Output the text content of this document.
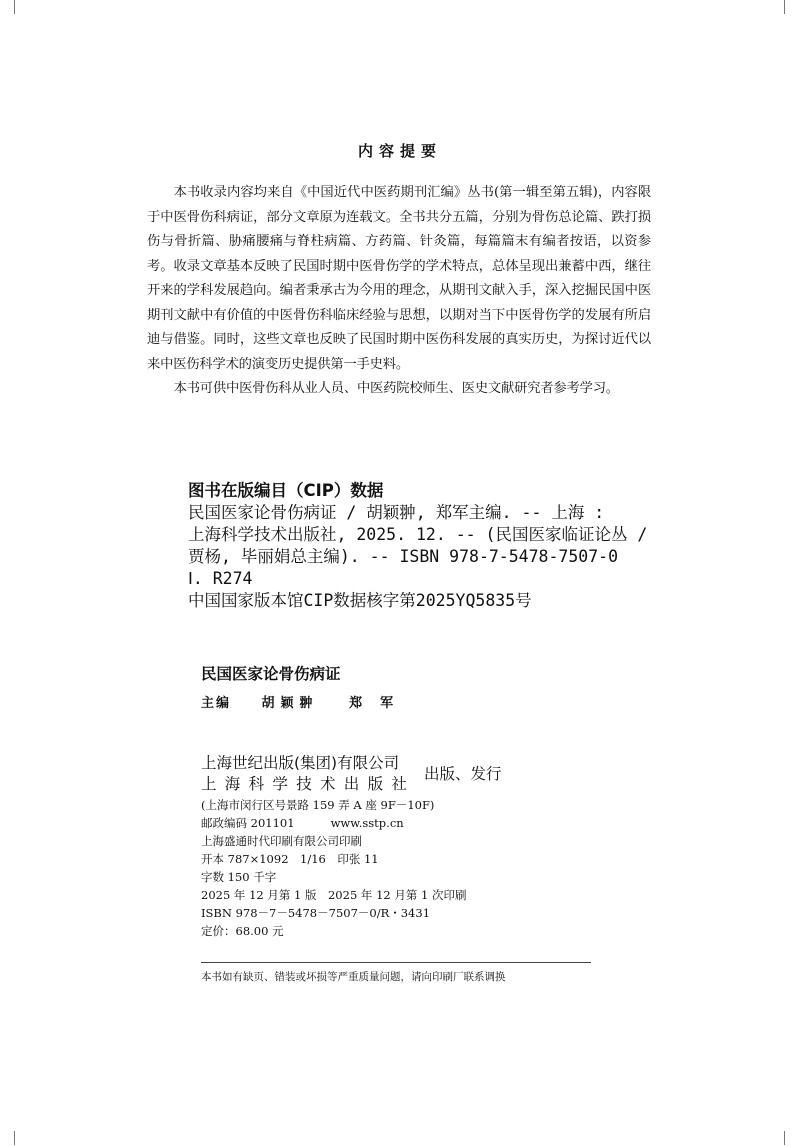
内容提要

本书收录内容均来自《中国近代中医药期刊汇编》丛书(第一辑至第五辑)，内容限于中医骨伤科病证，部分文章原为连载文。全书共分五篇，分别为骨伤总论篇、跌打损伤与骨折篇、胁痛腰痛与脊柱病篇、方药篇、针灸篇，每篇篇末有编者按语，以资参考。收录文章基本反映了民国时期中医骨伤学的学术特点，总体呈现出兼蓄中西，继往开来的学科发展趋向。编者秉承古为今用的理念，从期刊文献入手，深入挖掘民国中医期刊文献中有价值的中医骨伤科临床经验与思想，以期对当下中医骨伤学的发展有所启迪与借鉴。同时，这些文章也反映了民国时期中医伤科发展的真实历史，为探讨近代以来中医伤科学术的演变历史提供第一手史料。

本书可供中医骨伤科从业人员、中医药院校师生、医史文献研究者参考学习。

图书在版编目（CIP）数据
民国医家论骨伤病证 / 胡颖翀, 郑军主编. -- 上海 :
上海科学技术出版社, 2025. 12. -- (民国医家临证论丛 /
贾杨, 毕丽娟总主编). -- ISBN 978-7-5478-7507-0
Ⅰ. R274
中国国家版本馆CIP数据核字第2025YQ5835号
民国医家论骨伤病证
主编 胡颖翀 郑军
上海世纪出版(集团)有限公司
上海科学技术出版社
出版、发行
(上海市闵行区号景路 159 弄 A 座 9F－10F)
邮政编码 201101	www.sstp.cn
上海盛通时代印刷有限公司印刷
开本 787×1092　1/16　印张 11
字数 150 千字
2025 年 12 月第 1 版　2025 年 12 月第 1 次印刷
ISBN 978－7－5478－7507－0/R・3431
定价：68.00 元
本书如有缺页、错装或坏损等严重质量问题，请向印刷厂联系调换
